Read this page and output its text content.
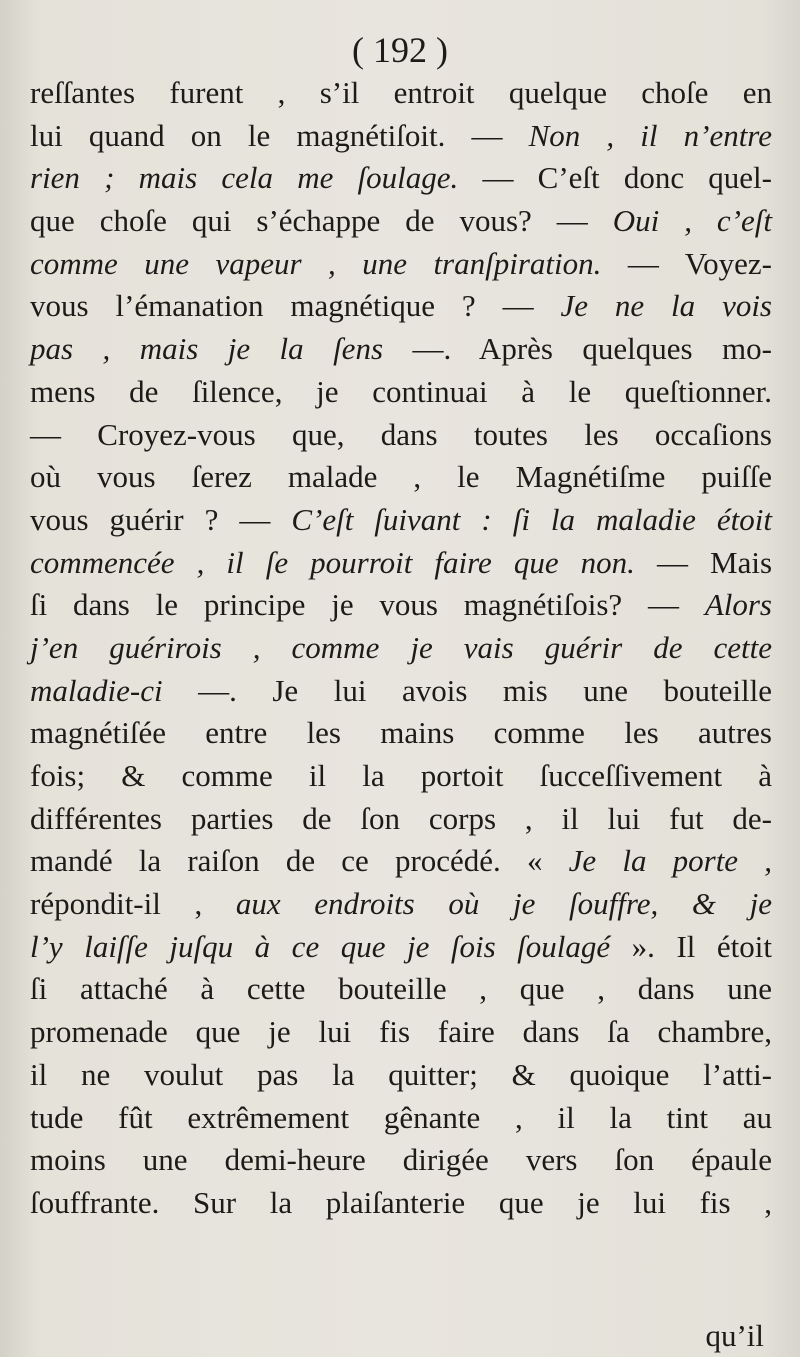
( 192 )
reſſantes furent , s’il entroit quelque choſe en
lui quand on le magnétiſoit. — Non , il n’entre
rien ; mais cela me ſoulage. — C’eſt donc quel-
que choſe qui s’échappe de vous? — Oui , c’eſt
comme une vapeur , une tranſpiration. — Voyez-
vous l’émanation magnétique ? — Je ne la vois
pas , mais je la ſens —. Après quelques mo-
mens de ſilence, je continuai à le queſtionner.
— Croyez-vous que, dans toutes les occaſions
où vous ſerez malade , le Magnétiſme puiſſe
vous guérir ? — C’eſt ſuivant : ſi la maladie étoit
commencée , il ſe pourroit faire que non. — Mais
ſi dans le principe je vous magnétiſois? — Alors
j’en guérirois , comme je vais guérir de cette
maladie-ci —. Je lui avois mis une bouteille
magnétiſée entre les mains comme les autres
fois; & comme il la portoit ſucceſſivement à
différentes parties de ſon corps , il lui fut de-
mandé la raiſon de ce procédé. « Je la porte ,
répondit-il , aux endroits où je ſouffre, & je
l’y laiſſe juſqu à ce que je ſois ſoulagé ». Il étoit
ſi attaché à cette bouteille , que , dans une
promenade que je lui fis faire dans ſa chambre,
il ne voulut pas la quitter; & quoique l’atti-
tude fût extrêmement gênante , il la tint au
moins une demi-heure dirigée vers ſon épaule
ſouffrante. Sur la plaiſanterie que je lui fis ,
qu’il
